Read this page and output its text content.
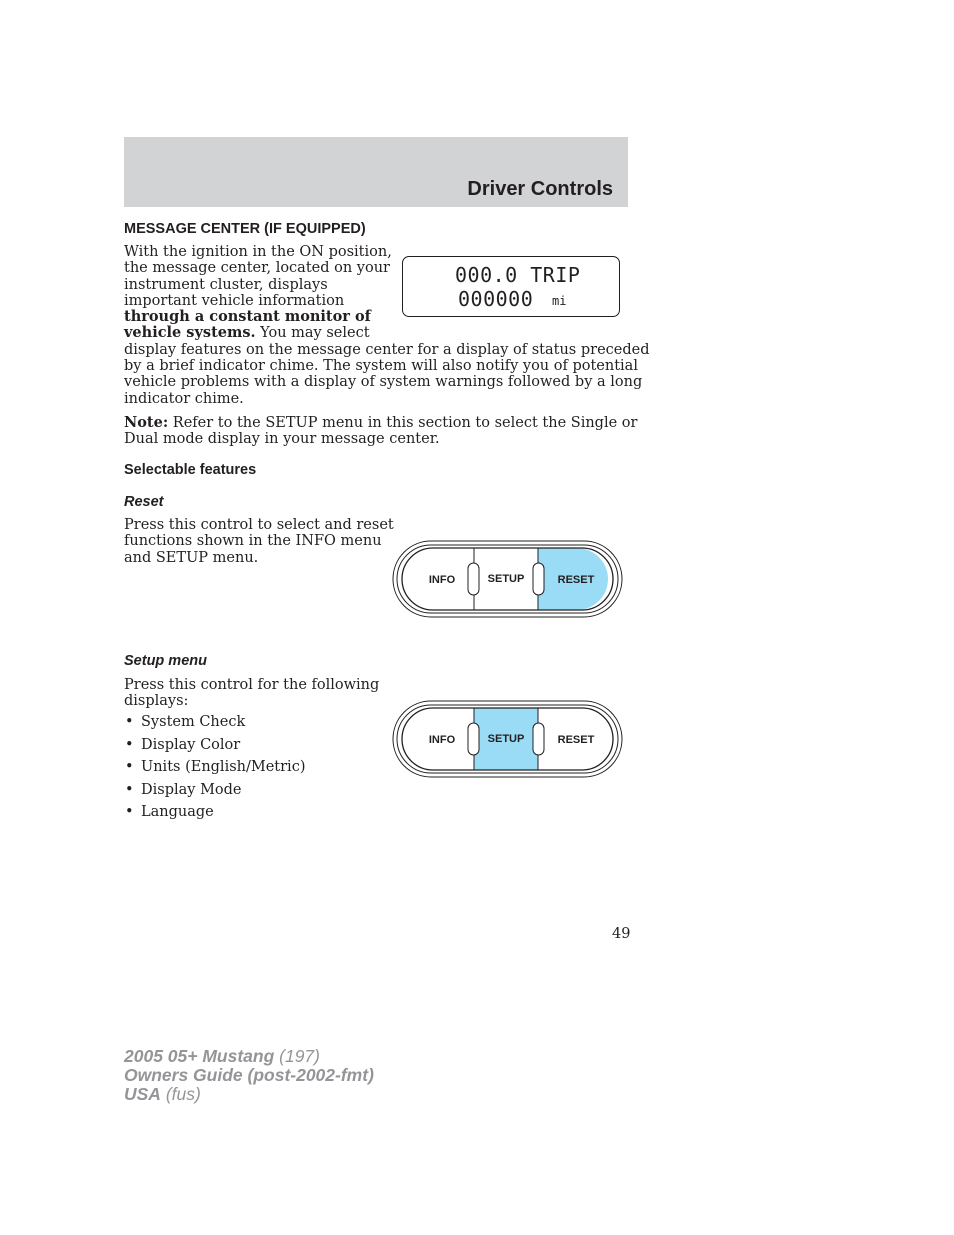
Driver Controls
MESSAGE CENTER (IF EQUIPPED)
With the ignition in the ON position,
the message center, located on your
instrument cluster, displays
important vehicle information
through a constant monitor of
vehicle systems. You may select
display features on the message center for a display of status preceded
by a brief indicator chime. The system will also notify you of potential
vehicle problems with a display of system warnings followed by a long
indicator chime.
Note: Refer to the SETUP menu in this section to select the Single or
Dual mode display in your message center.
000.0 TRIP
000000 mi
Selectable features
Reset
Press this control to select and reset
functions shown in the INFO menu
and SETUP menu.
INFO	SETUP	RESET
Setup menu
Press this control for the following
displays:
• System Check
• Display Color
• Units (English/Metric)
• Display Mode
• Language
INFO	SETUP	RESET
49
2005 05+ Mustang (197)
Owners Guide (post-2002-fmt)
USA (fus)
